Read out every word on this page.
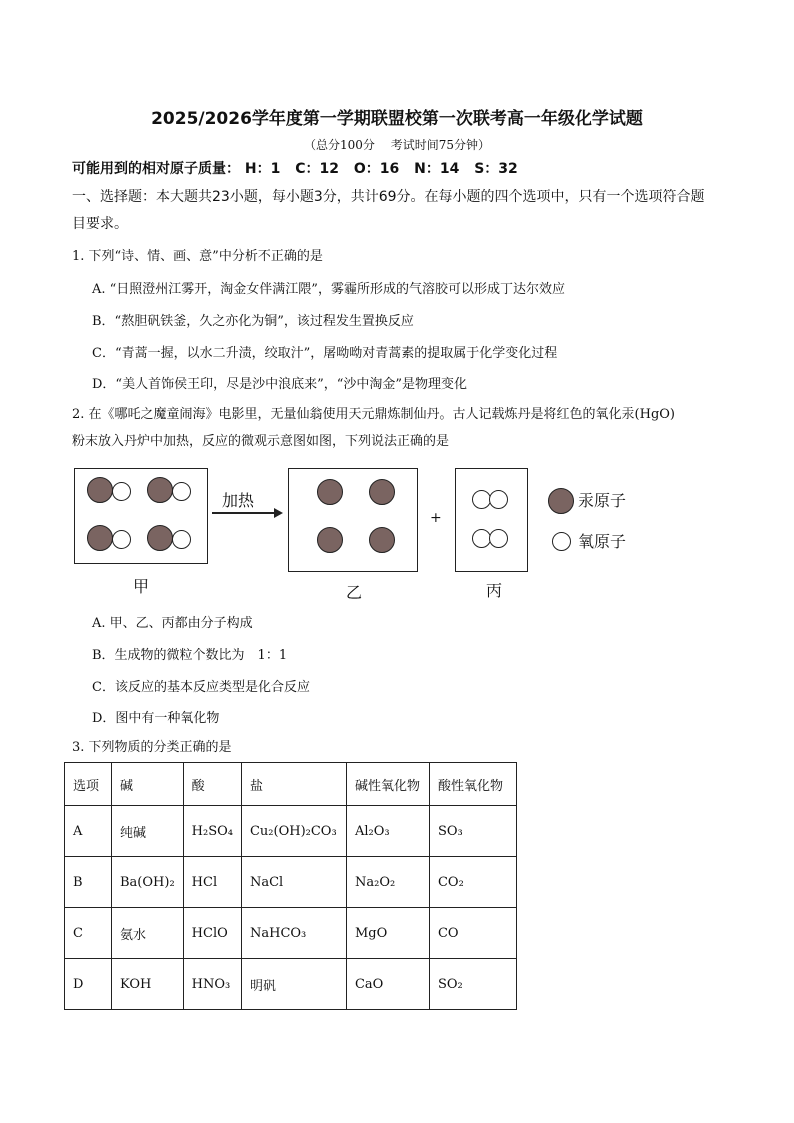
2025/2026学年度第一学期联盟校第一次联考高一年级化学试题
（总分100分 考试时间75分钟）
可能用到的相对原子质量： H：1 C：12 O：16 N：14 S：32
一、选择题：本大题共23小题，每小题3分，共计69分。在每小题的四个选项中，只有一个选项符合题目要求。
1. 下列“诗、情、画、意”中分析不正确的是
A. “日照澄州江雾开，淘金女伴满江隈”，雾霾所形成的气溶胶可以形成丁达尔效应
B．“熬胆矾铁釜，久之亦化为铜”，该过程发生置换反应
C．“青蒿一握，以水二升渍，绞取汁”，屠呦呦对青蒿素的提取属于化学变化过程
D．“美人首饰侯王印，尽是沙中浪底来”，“沙中淘金”是物理变化
2. 在《哪吒之魔童闹海》电影里，无量仙翁使用天元鼎炼制仙丹。古人记载炼丹是将红色的氧化汞(HgO)
粉末放入丹炉中加热，反应的微观示意图如图，下列说法正确的是
加热
+
汞原子
氧原子
甲	乙	丙
A. 甲、乙、丙都由分子构成
B．生成物的微粒个数比为　1：1
C．该反应的基本反应类型是化合反应
D．图中有一种氧化物
3. 下列物质的分类正确的是
选项	碱	酸	盐	碱性氧化物	酸性氧化物
A	纯碱	H₂SO₄	Cu₂(OH)₂CO₃	Al₂O₃	SO₃
B	Ba(OH)₂	HCl	NaCl	Na₂O₂	CO₂
C	氨水	HClO	NaHCO₃	MgO	CO
D	KOH	HNO₃	明矾	CaO	SO₂
